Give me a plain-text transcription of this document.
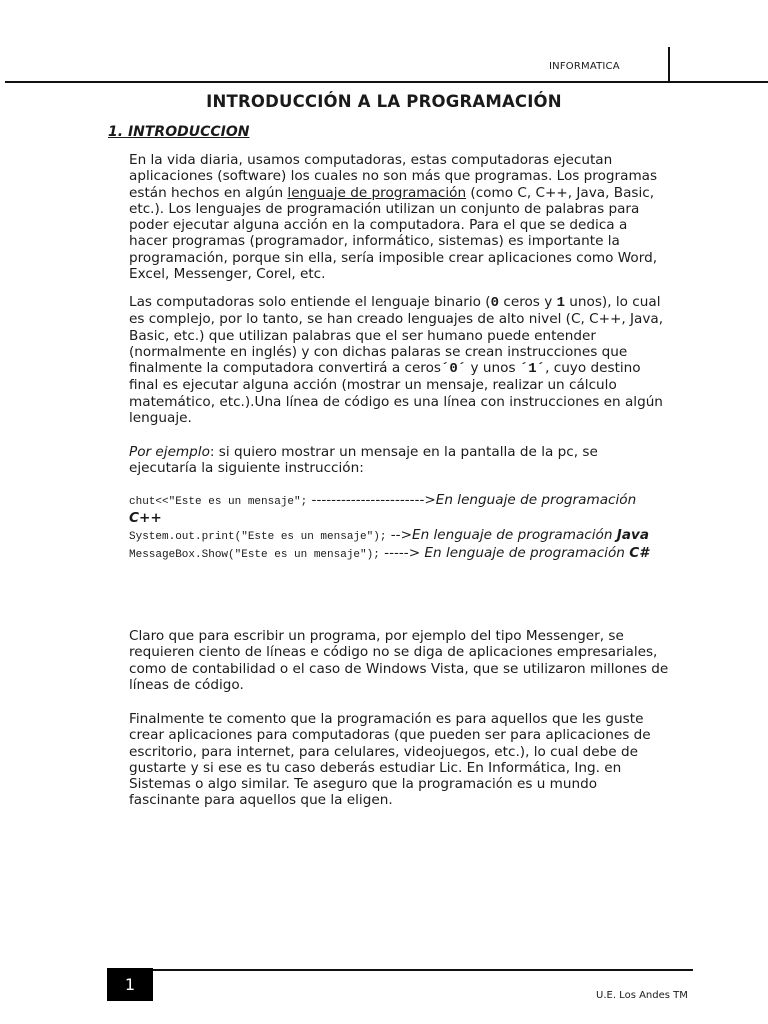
INFORMATICA
INTRODUCCIÓN A LA PROGRAMACIÓN
1. INTRODUCCION

En la vida diaria, usamos computadoras, estas computadoras ejecutan aplicaciones (software) los cuales no son más que programas. Los programas están hechos en algún lenguaje de programación (como C, C++, Java, Basic, etc.). Los lenguajes de programación utilizan un conjunto de palabras para poder ejecutar alguna acción en la computadora. Para el que se dedica a hacer programas (programador, informático, sistemas) es importante la programación, porque sin ella, sería imposible crear aplicaciones como Word, Excel, Messenger, Corel, etc.

Las computadoras solo entiende el lenguaje binario (0 ceros y 1 unos), lo cual es complejo, por lo tanto, se han creado lenguajes de alto nivel (C, C++, Java, Basic, etc.) que utilizan palabras que el ser humano puede entender (normalmente en inglés) y con dichas palaras se crean instrucciones que finalmente la computadora convertirá a ceros´0´ y unos ´1´, cuyo destino final es ejecutar alguna acción (mostrar un mensaje, realizar un cálculo matemático, etc.).Una línea de código es una línea con instrucciones en algún lenguaje.

Por ejemplo: si quiero mostrar un mensaje en la pantalla de la pc, se ejecutaría la siguiente instrucción:

chut<<"Este es un mensaje"; ----------------------->En lenguaje de programación C++
System.out.print("Este es un mensaje"); -->En lenguaje de programación Java
MessageBox.Show("Este es un mensaje"); -----> En lenguaje de programación C#

Claro que para escribir un programa, por ejemplo del tipo Messenger, se requieren ciento de líneas e código no se diga de aplicaciones empresariales, como de contabilidad o el caso de Windows Vista, que se utilizaron millones de líneas de código.

Finalmente te comento que la programación es para aquellos que les guste crear aplicaciones para computadoras (que pueden ser para aplicaciones de escritorio, para internet, para celulares, videojuegos, etc.), lo cual debe de gustarte y si ese es tu caso deberás estudiar Lic. En Informática, Ing. en Sistemas o algo similar. Te aseguro que la programación es u mundo fascinante para aquellos que la eligen.

1
U.E. Los Andes TM
